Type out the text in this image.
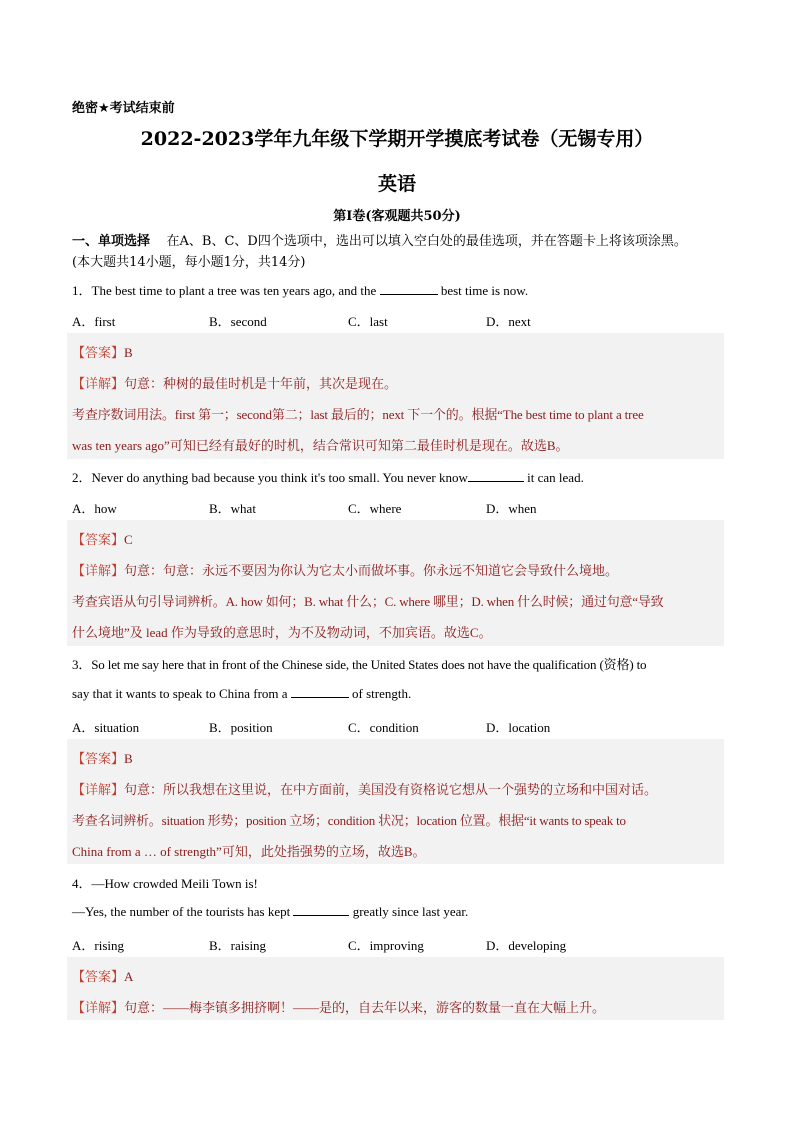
绝密★考试结束前
2022-2023学年九年级下学期开学摸底考试卷（无锡专用）
英语
第Ⅰ卷(客观题共50分)
一、单项选择 在A、B、C、D四个选项中，选出可以填入空白处的最佳选项，并在答题卡上将该项涂黑。
(本大题共14小题，每小题1分，共14分)
1．The best time to plant a tree was ten years ago, and the	best time is now.
A．first	B．second	C．last	D．next
【答案】B
【详解】句意：种树的最佳时机是十年前，其次是现在。
考查序数词用法。first 第一；second第二；last 最后的；next 下一个的。根据“The best time to plant a tree
was ten years ago”可知已经有最好的时机，结合常识可知第二最佳时机是现在。故选B。
2．Never do anything bad because you think it's too small. You never know	it can lead.
A．how	B．what	C．where	D．when
【答案】C
【详解】句意：句意：永远不要因为你认为它太小而做坏事。你永远不知道它会导致什么境地。
考查宾语从句引导词辨析。A. how 如何；B. what 什么；C. where 哪里；D. when 什么时候；通过句意“导致
什么境地”及 lead 作为导致的意思时，为不及物动词，不加宾语。故选C。
3．So let me say here that in front of the Chinese side, the United States does not have the qualification (资格) to
say that it wants to speak to China from a	of strength.
A．situation	B．position	C．condition	D．location
【答案】B
【详解】句意：所以我想在这里说，在中方面前，美国没有资格说它想从一个强势的立场和中国对话。
考查名词辨析。situation 形势；position 立场；condition 状况；location 位置。根据“it wants to speak to
China from a … of strength”可知，此处指强势的立场，故选B。
4．—How crowded Meili Town is!
—Yes, the number of the tourists has kept	greatly since last year.
A．rising	B．raising	C．improving	D．developing
【答案】A
【详解】句意：——梅李镇多拥挤啊！——是的，自去年以来，游客的数量一直在大幅上升。
